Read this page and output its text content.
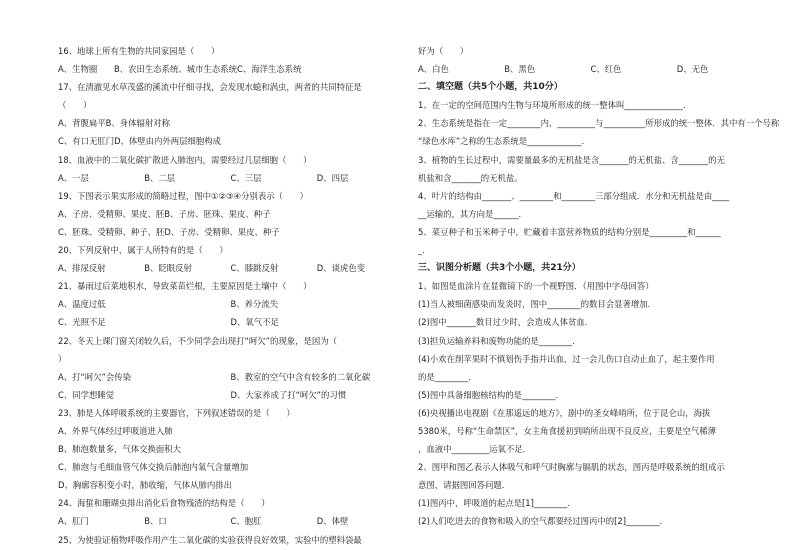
16、地球上所有生物的共同家园是（　　）
A、生物圈　　B、农田生态系统、城市生态系统C、海洋生态系统
17、在清澈见水草茂盛的溪流中仔细寻找，会发现水螅和涡虫，两者的共同特征是
（　　）
A、背腹扁平B、身体辐射对称
C、有口无肛门D、体壁由内外两层细胞构成
18、血液中的二氧化碳扩散进入肺泡内，需要经过几层细胞（　　）
A、一层	B、二层	C、三层	D、四层
19、下图表示果实形成的简略过程，图中①②③④分别表示（　　）
A、子房、受精卵、果皮、胚B、子房、胚珠、果皮、种子
C、胚珠、受精卵、种子、胚D、子房、受精卵、果皮、种子
20、下列反射中，属于人所特有的是（　　）
A、排尿反射	B、眨眼反射	C、膝跳反射	D、谈虎色变
21、暴雨过后菜地积水，导致菜苗烂根，主要原因是土壤中（　　）
A、温度过低	B、养分流失
C、光照不足	D、氧气不足
22、冬天上课门窗关闭较久后，不少同学会出现打“呵欠”的现象，是因为（
）
A、打“呵欠”会传染	B、教室的空气中含有较多的二氧化碳
C、同学想睡觉	D、大家养成了打“呵欠”的习惯
23、肺是人体呼吸系统的主要器官，下列叙述错误的是（　　）
A、外界气体经过呼吸道进入肺
B、肺泡数量多，气体交换面积大
C、肺泡与毛细血管气体交换后肺泡内氧气含量增加
D、胸廓容积变小时，肺收缩，气体从肺内排出
24、海蜇和珊瑚虫排出消化后食物残渣的结构是（　　）
A、肛门	B、口	C、胞肛	D、体壁
25、为使验证植物呼吸作用产生二氧化碳的实验获得良好效果，实验中的塑料袋最
好为（　　）
A、白色	B、黑色	C、红色	D、无色
二、填空题（共5个小题，共10分）
1、在一定的空间范围内生物与环境所形成的统一整体叫______________．
2、生态系统是指在一定________内，_________与__________所形成的统一整体．其中有一个号称
“绿色水库”之称的生态系统是_____________．
3、植物的生长过程中，需要量最多的无机盐是含_______的无机盐、含_______的无
机盐和含_______的无机盐。
4、叶片的结构由_______、________和________三部分组成．水分和无机盐是由____
__运输的，其方向是______．
5、菜豆种子和玉米种子中，贮藏着丰富营养物质的结构分别是_________和______
_．
三、识图分析题（共3个小题，共21分）
1、如图是血涂片在显微镜下的一个视野图．（用图中字母回答）
(1)当人被细菌感染而发炎时，图中________的数目会显著增加．
(2)图中_______数目过少时，会造成人体贫血．
(3)担负运输养料和废物功能的是________．
(4)小欢在削苹果时不慎划伤手指并出血，过一会儿伤口自动止血了，起主要作用
的是________．
(5)图中具备细胞核结构的是________．
(6)央视播出电视剧《在那遥远的地方》，剧中的圣女峰哨所，位于昆仑山，海拔
5380米，号称“生命禁区”，女主角食援初到哨所出现不良反应，主要是空气稀薄
，血液中_________运氧不足．
2、图甲和图乙表示人体吸气和呼气时胸廓与膈肌的状态，图丙是呼吸系统的组成示
意图，请据图回答问题．
(1)图丙中，呼吸道的起点是[1]________．
(2)人们吃进去的食物和吸入的空气都要经过图丙中的[2]________．
